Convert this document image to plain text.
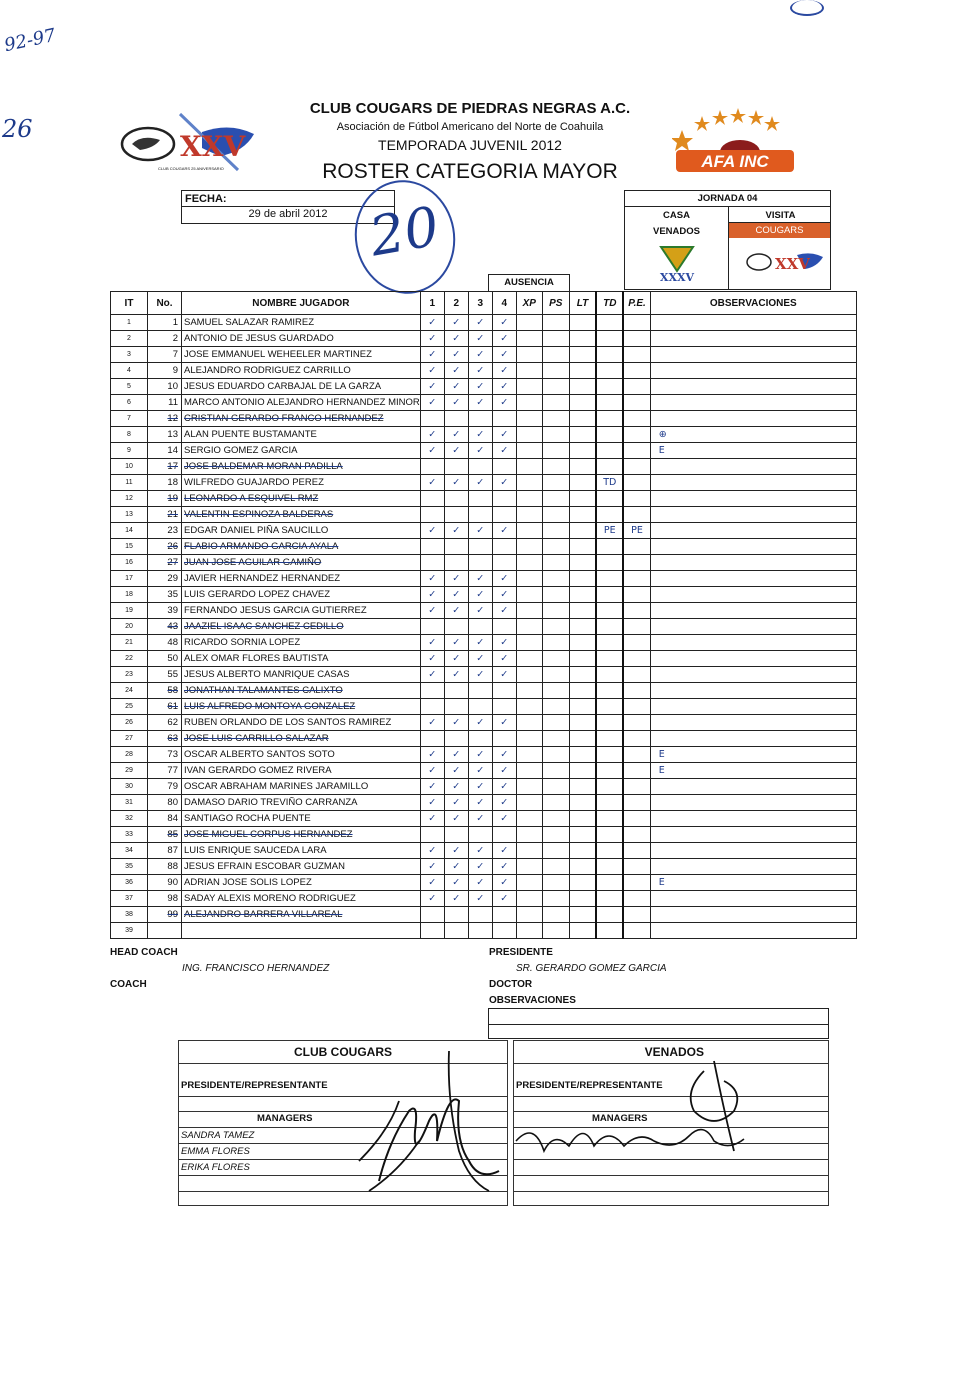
92-97
26
XXV
CLUB COUGARS 25 ANIVERSARIO
CLUB COUGARS DE PIEDRAS NEGRAS A.C.
Asociación de Fútbol Americano del Norte de Coahuila
TEMPORADA JUVENIL 2012
ROSTER CATEGORIA MAYOR	AFA INC
FECHA:
29 de abril 2012 20	JORNADA 04
CASA	VISITA
VENADOS	COUGARS
XXXV
XXV
AUSENCIA
IT	No.	NOMBRE JUGADOR	1	2	3	4	XP	PS	LT	TD	P.E.	OBSERVACIONES
1	1	SAMUEL SALAZAR RAMIREZ	✓	✓	✓	✓						
2	2	ANTONIO DE JESUS GUARDADO	✓	✓	✓	✓						
3	7	JOSE EMMANUEL WEHEELER MARTINEZ	✓	✓	✓	✓						
4	9	ALEJANDRO RODRIGUEZ CARRILLO	✓	✓	✓	✓						
5	10	JESUS EDUARDO CARBAJAL DE LA GARZA	✓	✓	✓	✓						
6	11	MARCO ANTONIO ALEJANDRO HERNANDEZ MINOR	✓	✓	✓	✓						
7	12	CRISTIAN GERARDO FRANCO HERNANDEZ										
8	13	ALAN PUENTE BUSTAMANTE	✓	✓	✓	✓						⊕
9	14	SERGIO GOMEZ GARCIA	✓	✓	✓	✓						E
10	17	JOSE BALDEMAR MORAN PADILLA										
11	18	WILFREDO GUAJARDO PEREZ	✓	✓	✓	✓				TD		
12	19	LEONARDO A ESQUIVEL RMZ										
13	21	VALENTIN ESPINOZA BALDERAS										
14	23	EDGAR DANIEL PIÑA SAUCILLO	✓	✓	✓	✓				PE	PE	
15	26	FLABIO ARMANDO GARCIA AYALA										
16	27	JUAN JOSE AGUILAR GAMIÑO										
17	29	JAVIER HERNANDEZ HERNANDEZ	✓	✓	✓	✓						
18	35	LUIS GERARDO LOPEZ CHAVEZ	✓	✓	✓	✓						
19	39	FERNANDO JESUS GARCIA GUTIERREZ	✓	✓	✓	✓						
20	43	JAAZIEL ISAAC SANCHEZ CEDILLO										
21	48	RICARDO SORNIA LOPEZ	✓	✓	✓	✓						
22	50	ALEX OMAR FLORES BAUTISTA	✓	✓	✓	✓						
23	55	JESUS ALBERTO MANRIQUE CASAS	✓	✓	✓	✓						
24	58	JONATHAN TALAMANTES CALIXTO										
25	61	LUIS ALFREDO MONTOYA GONZALEZ										
26	62	RUBEN ORLANDO DE LOS SANTOS RAMIREZ	✓	✓	✓	✓						
27	63	JOSE LUIS CARRILLO SALAZAR										
28	73	OSCAR ALBERTO SANTOS SOTO	✓	✓	✓	✓						E
29	77	IVAN GERARDO GOMEZ RIVERA	✓	✓	✓	✓						E
30	79	OSCAR ABRAHAM MARINES JARAMILLO	✓	✓	✓	✓						
31	80	DAMASO DARIO TREVIÑO CARRANZA	✓	✓	✓	✓						
32	84	SANTIAGO ROCHA PUENTE	✓	✓	✓	✓						
33	85	JOSE MIGUEL CORPUS HERNANDEZ										
34	87	LUIS ENRIQUE SAUCEDA LARA	✓	✓	✓	✓						
35	88	JESUS EFRAIN ESCOBAR GUZMAN	✓	✓	✓	✓						
36	90	ADRIAN JOSE SOLIS LOPEZ	✓	✓	✓	✓						E
37	98	SADAY ALEXIS MORENO RODRIGUEZ	✓	✓	✓	✓						
38	99	ALEJANDRO BARRERA VILLAREAL										
39												
HEAD COACH
ING. FRANCISCO HERNANDEZ
COACH
PRESIDENTE
SR. GERARDO GOMEZ GARCIA
DOCTOR
OBSERVACIONES
CLUB COUGARS
PRESIDENTE/REPRESENTANTE
MANAGERS
SANDRA TAMEZ
EMMA FLORES
ERIKA FLORES
VENADOS
PRESIDENTE/REPRESENTANTE
MANAGERS
